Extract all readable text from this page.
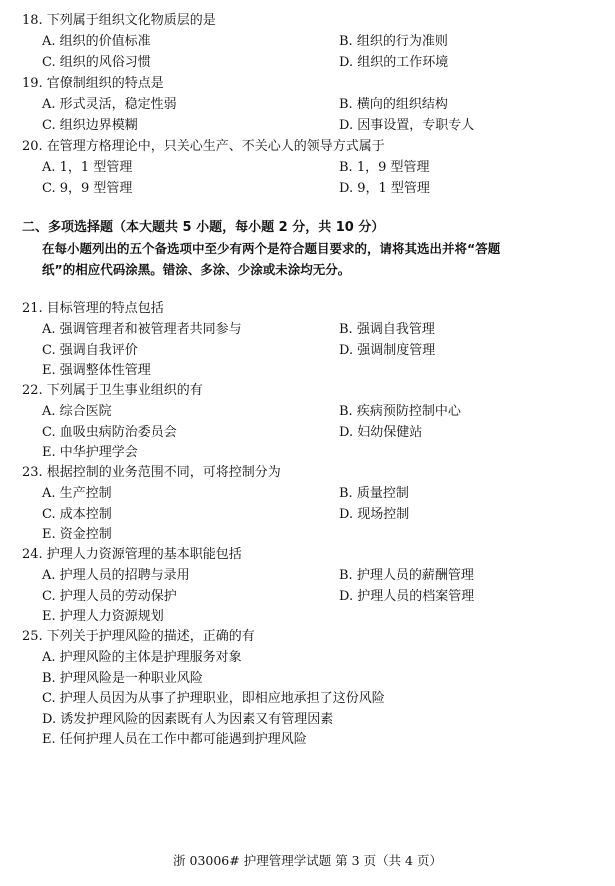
18. 下列属于组织文化物质层的是
A. 组织的价值标准	B. 组织的行为准则
C. 组织的风俗习惯	D. 组织的工作环境
19. 官僚制组织的特点是
A. 形式灵活，稳定性弱	B. 横向的组织结构
C. 组织边界模糊	D. 因事设置，专职专人
20. 在管理方格理论中，只关心生产、不关心人的领导方式属于
A. 1，1 型管理	B. 1，9 型管理
C. 9，9 型管理	D. 9，1 型管理
二、多项选择题（本大题共 5 小题，每小题 2 分，共 10 分）
在每小题列出的五个备选项中至少有两个是符合题目要求的，请将其选出并将“答题
纸”的相应代码涂黑。错涂、多涂、少涂或未涂均无分。
21. 目标管理的特点包括
A. 强调管理者和被管理者共同参与	B. 强调自我管理
C. 强调自我评价	D. 强调制度管理
E. 强调整体性管理
22. 下列属于卫生事业组织的有
A. 综合医院	B. 疾病预防控制中心
C. 血吸虫病防治委员会	D. 妇幼保健站
E. 中华护理学会
23. 根据控制的业务范围不同，可将控制分为
A. 生产控制	B. 质量控制
C. 成本控制	D. 现场控制
E. 资金控制
24. 护理人力资源管理的基本职能包括
A. 护理人员的招聘与录用	B. 护理人员的薪酬管理
C. 护理人员的劳动保护	D. 护理人员的档案管理
E. 护理人力资源规划
25. 下列关于护理风险的描述，正确的有
A. 护理风险的主体是护理服务对象
B. 护理风险是一种职业风险
C. 护理人员因为从事了护理职业，即相应地承担了这份风险
D. 诱发护理风险的因素既有人为因素又有管理因素
E. 任何护理人员在工作中都可能遇到护理风险
浙 03006# 护理管理学试题 第 3 页（共 4 页）
